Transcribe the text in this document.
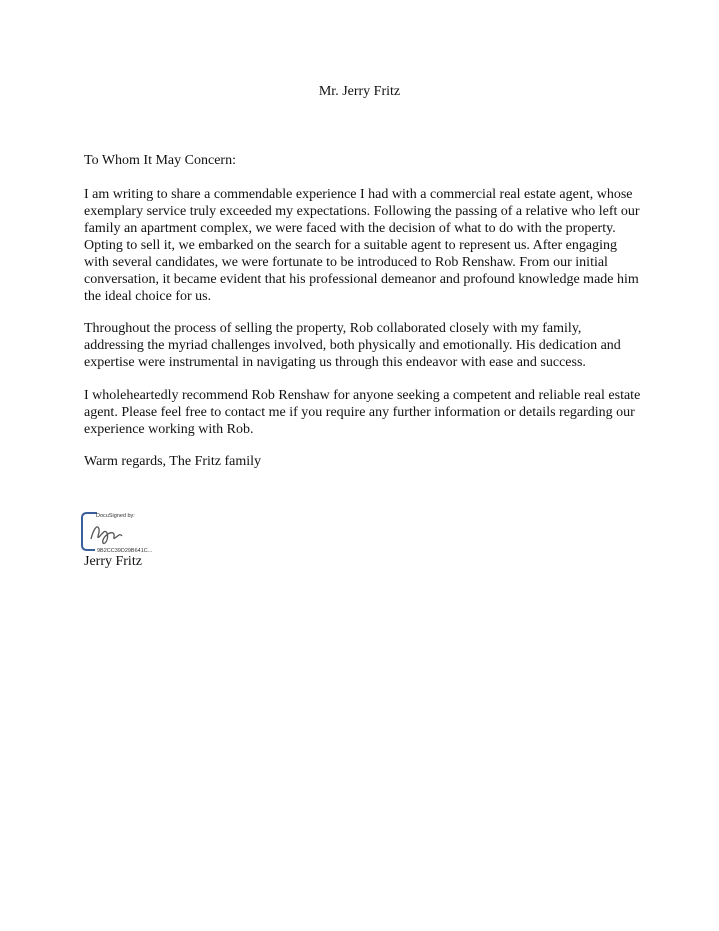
Mr. Jerry Fritz
To Whom It May Concern:

I am writing to share a commendable experience I had with a commercial real estate agent, whose exemplary service truly exceeded my expectations. Following the passing of a relative who left our family an apartment complex, we were faced with the decision of what to do with the property. Opting to sell it, we embarked on the search for a suitable agent to represent us. After engaging with several candidates, we were fortunate to be introduced to Rob Renshaw. From our initial conversation, it became evident that his professional demeanor and profound knowledge made him the ideal choice for us.

Throughout the process of selling the property, Rob collaborated closely with my family, addressing the myriad challenges involved, both physically and emotionally. His dedication and expertise were instrumental in navigating us through this endeavor with ease and success.

I wholeheartedly recommend Rob Renshaw for anyone seeking a competent and reliable real estate agent. Please feel free to contact me if you require any further information or details regarding our experience working with Rob.

Warm regards, The Fritz family
DocuSigned by:
9B2CC39D29B641C...
Jerry Fritz
